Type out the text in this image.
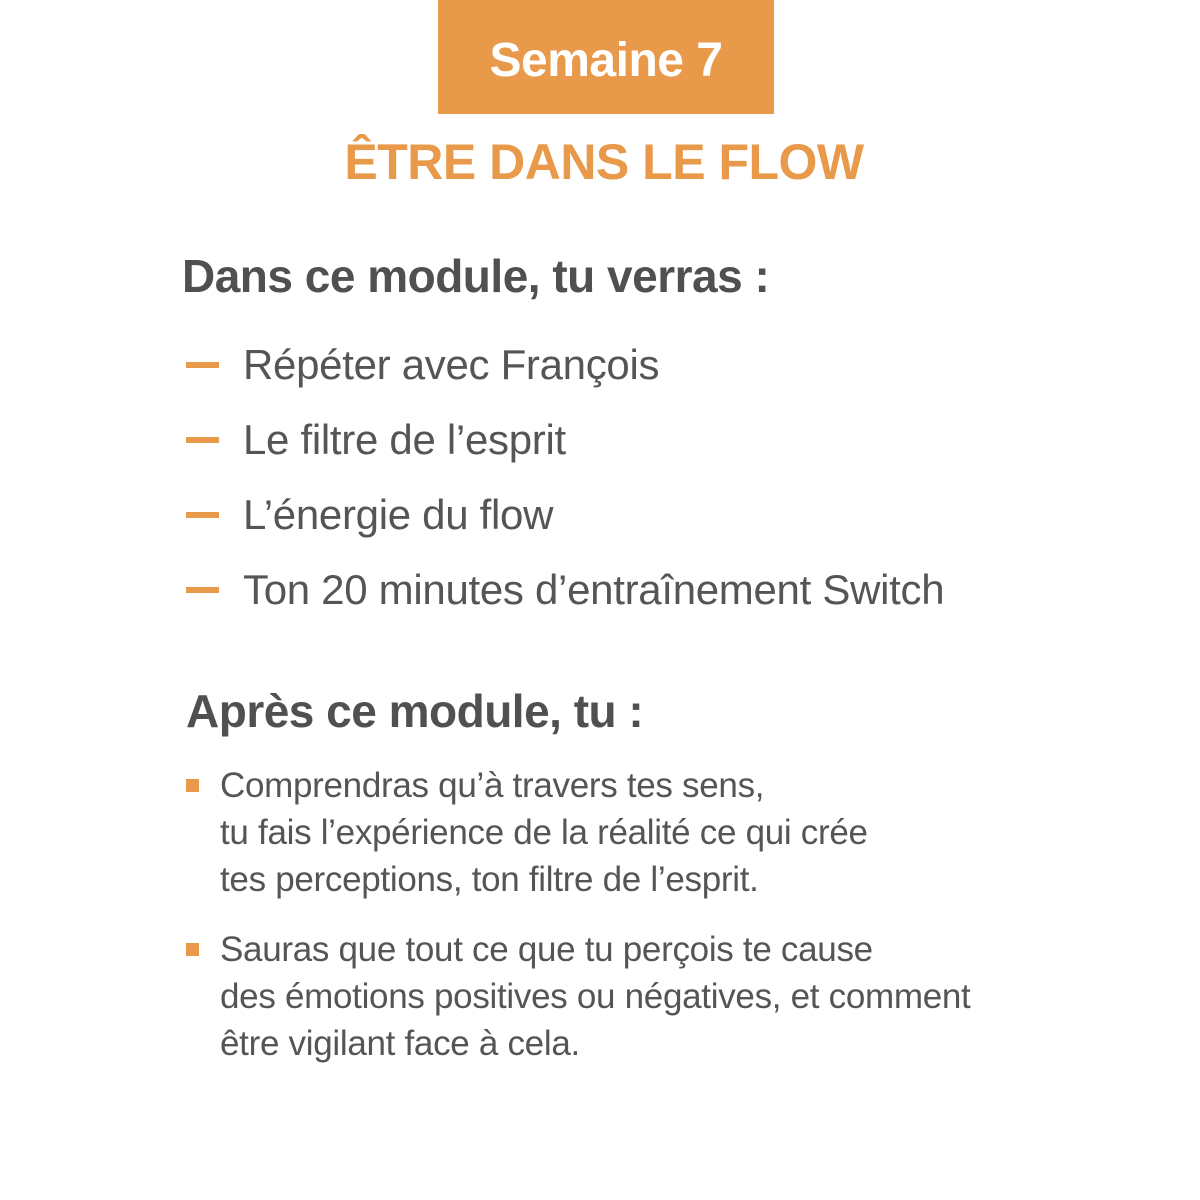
Semaine 7
ÊTRE DANS LE FLOW
Dans ce module, tu verras :
Répéter avec François
Le filtre de l’esprit
L’énergie du flow
Ton 20 minutes d’entraînement Switch
Après ce module, tu :
Comprendras qu’à travers tes sens,
tu fais l’expérience de la réalité ce qui crée
tes perceptions, ton filtre de l’esprit.
Sauras que tout ce que tu perçois te cause
des émotions positives ou négatives, et comment
être vigilant face à cela.
